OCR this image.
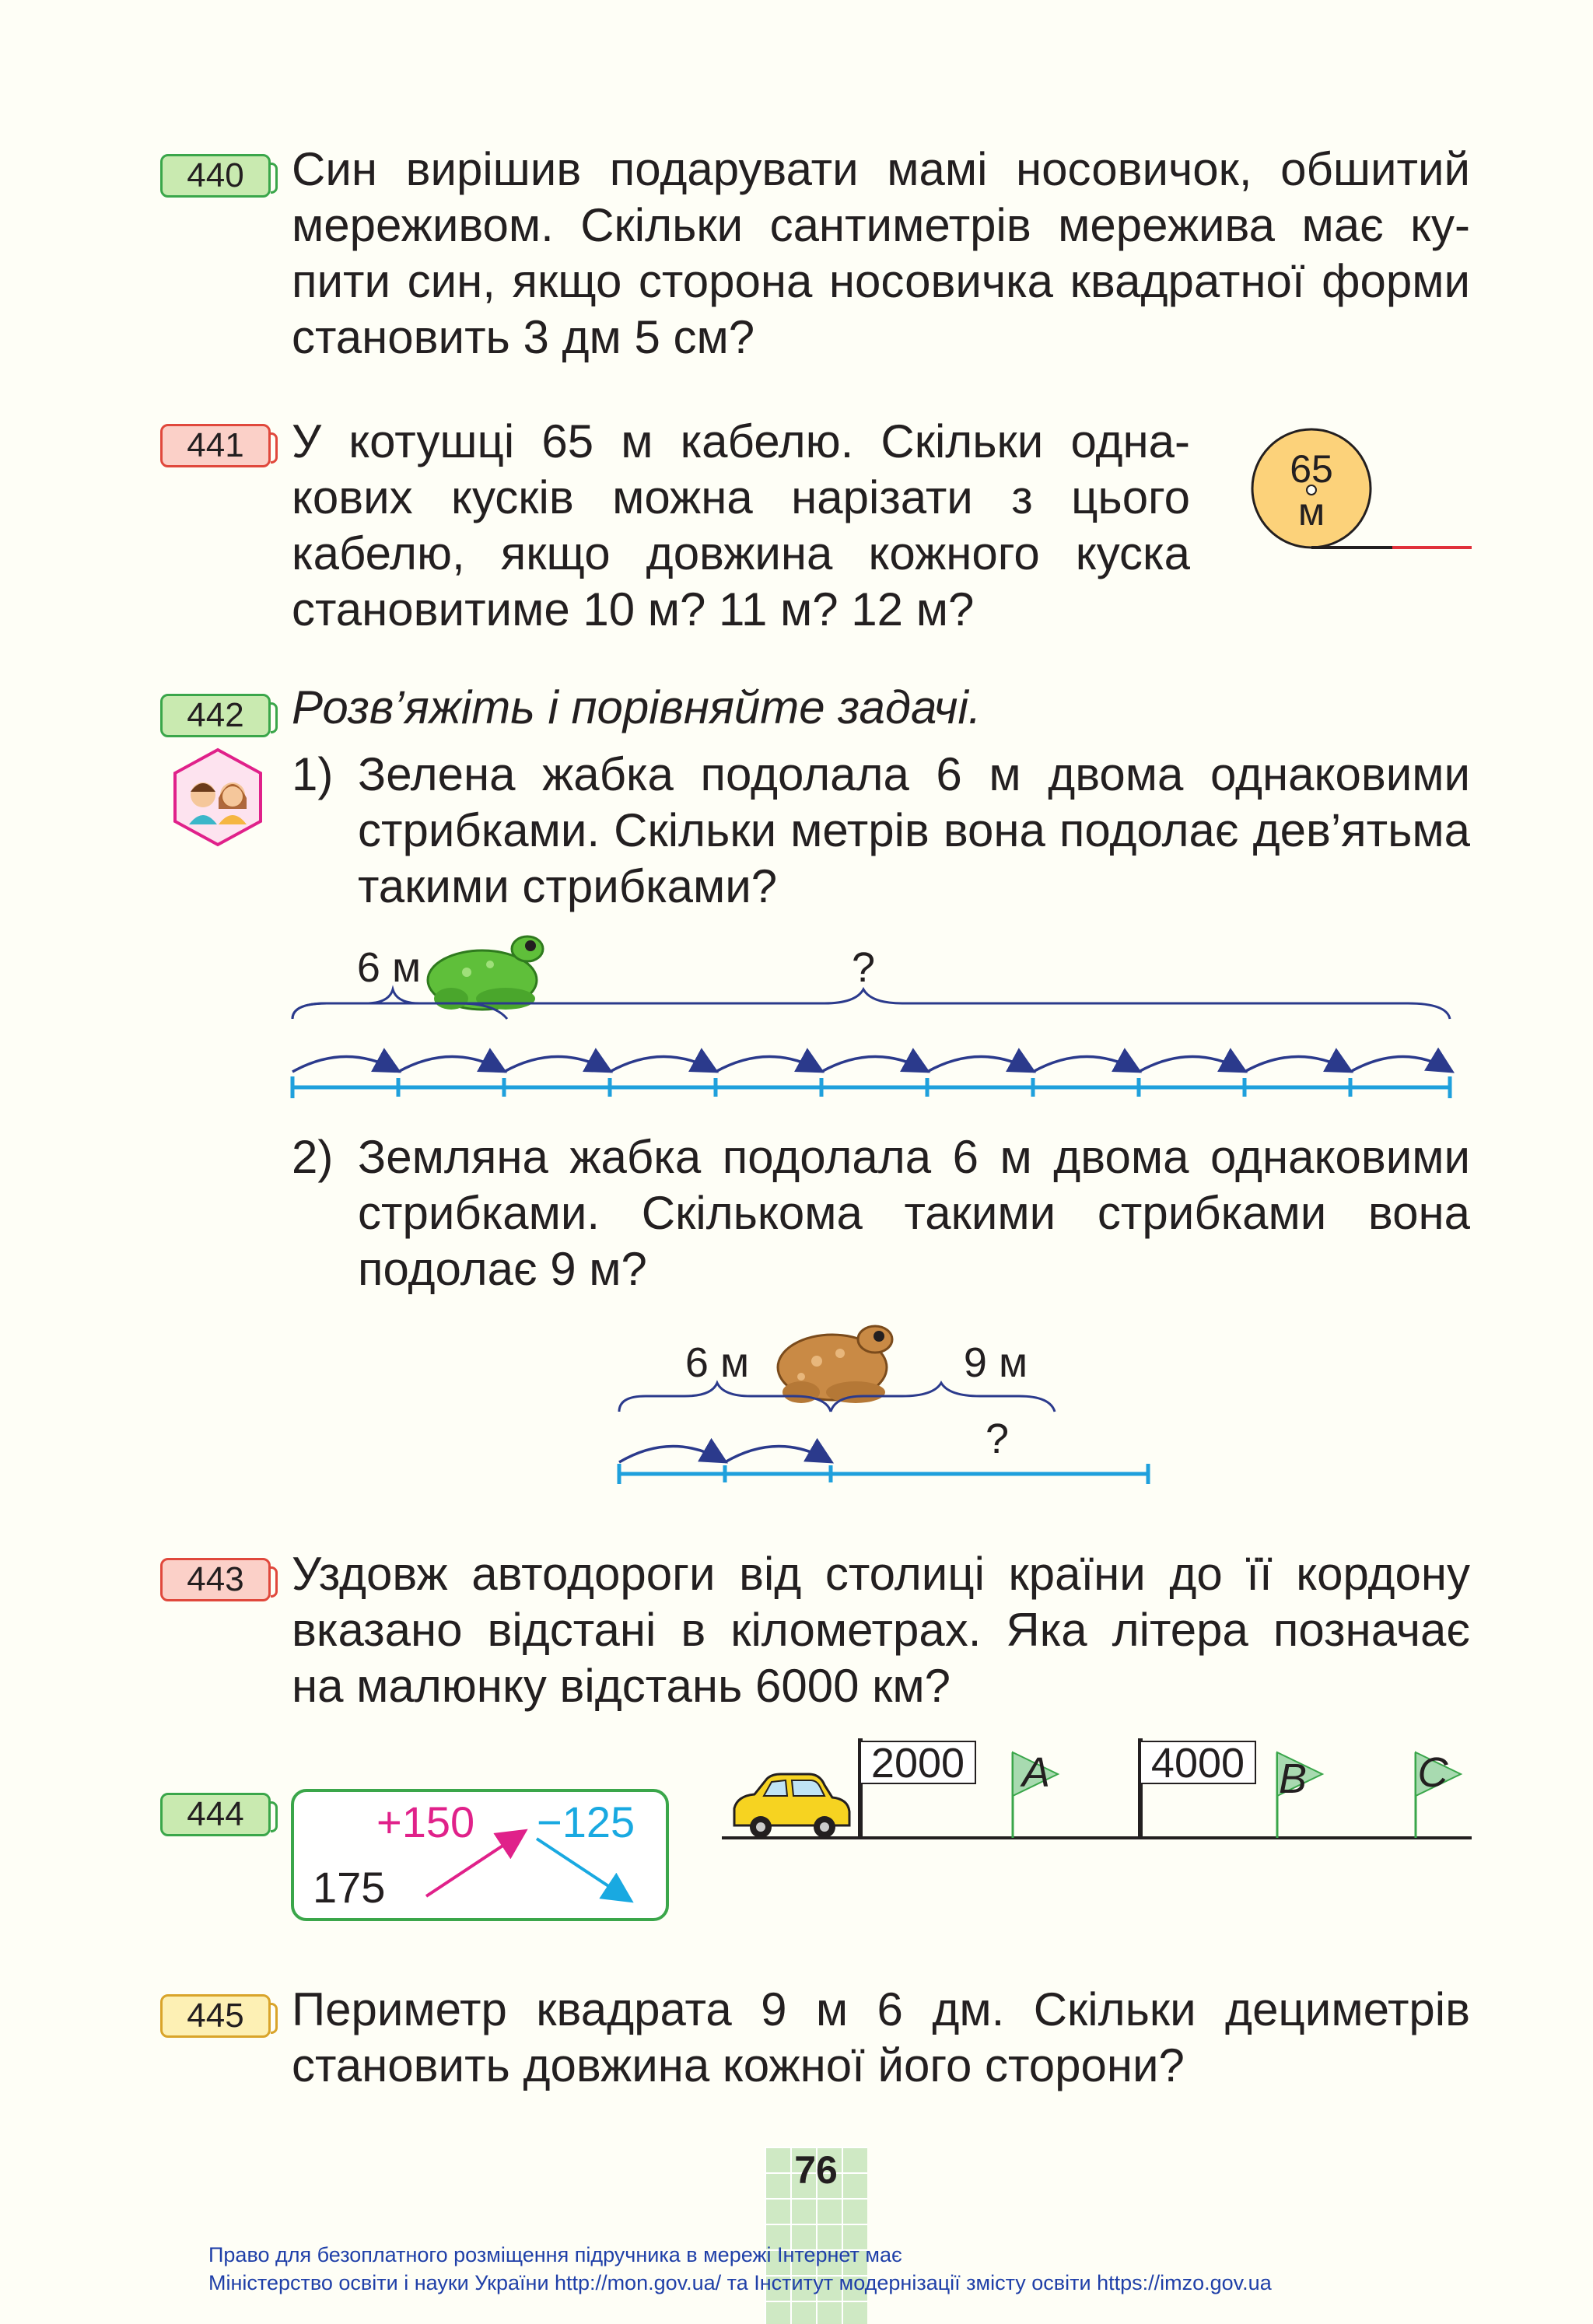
440	Син вирішив подарувати мамі носовичок, обшитий

мереживом. Скільки сантиметрів мережива має ку-

пити син, якщо сторона носовичка квадратної форми

становить 3 дм 5 см?

441	У котушці 65 м кабелю. Скільки одна-

кових кусків можна нарізати з цього

кабелю, якщо довжина кожного куска

становитиме 10 м? 11 м? 12 м?

65
м
442	Розв’яжіть і порівняйте задачі.

1) Зелена жабка подолала 6 м двома однаковими

стрибками. Скільки метрів вона подолає дев’ятьма

такими стрибками?

6 м	?

2) Земляна жабка подолала 6 м двома однаковими

стрибками. Скількома такими стрибками вона

подолає 9 м?

6 м	9 м
?
443	Уздовж автодороги від столиці країни до її кордону

вказано відстані в кілометрах. Яка літера позначає

на малюнку відстань 6000 км?

2000 A 4000 B	C
444
175
+150 −125
445	Периметр квадрата 9 м 6 дм. Скільки дециметрів

становить довжина кожної його сторони?

76
Право для безоплатного розміщення підручника в мережі Інтернет має
Міністерство освіти і науки України http://mon.gov.ua/ та Інститут модернізації змісту освіти https://imzo.gov.ua
